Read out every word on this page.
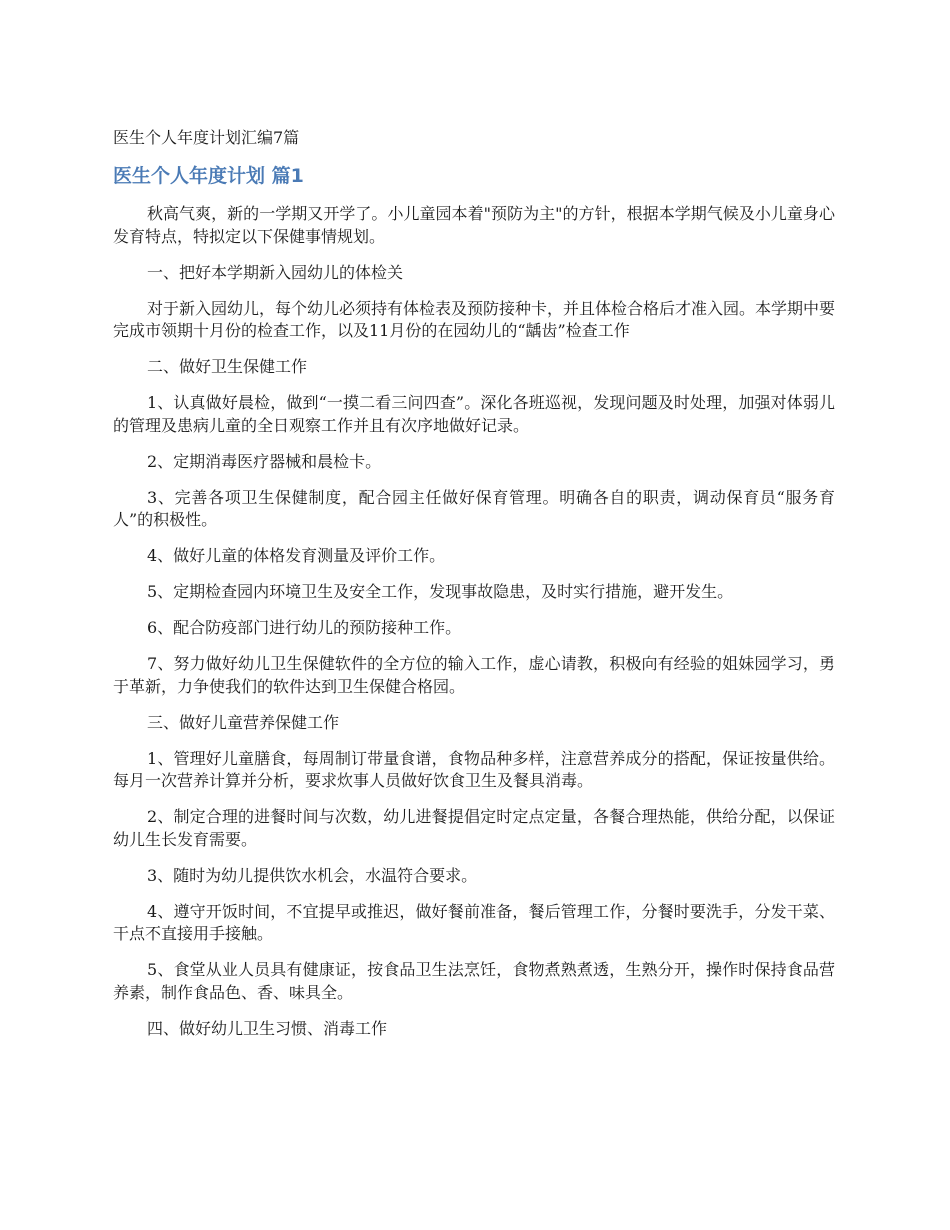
医生个人年度计划汇编7篇
医生个人年度计划 篇1

秋高气爽，新的一学期又开学了。小儿童园本着"预防为主"的方针，根据本学期气候及小儿童身心发育特点，特拟定以下保健事情规划。

一、把好本学期新入园幼儿的体检关

对于新入园幼儿，每个幼儿必须持有体检表及预防接种卡，并且体检合格后才准入园。本学期中要完成市领期十月份的检查工作，以及11月份的在园幼儿的“龋齿”检查工作

二、做好卫生保健工作

1、认真做好晨检，做到“一摸二看三问四查”。深化各班巡视，发现问题及时处理，加强对体弱儿的管理及患病儿童的全日观察工作并且有次序地做好记录。

2、定期消毒医疗器械和晨检卡。

3、完善各项卫生保健制度，配合园主任做好保育管理。明确各自的职责，调动保育员“服务育人”的积极性。

4、做好儿童的体格发育测量及评价工作。

5、定期检查园内环境卫生及安全工作，发现事故隐患，及时实行措施，避开发生。

6、配合防疫部门进行幼儿的预防接种工作。

7、努力做好幼儿卫生保健软件的全方位的输入工作，虚心请教，积极向有经验的姐妹园学习，勇于革新，力争使我们的软件达到卫生保健合格园。

三、做好儿童营养保健工作

1、管理好儿童膳食，每周制订带量食谱，食物品种多样，注意营养成分的搭配，保证按量供给。每月一次营养计算并分析，要求炊事人员做好饮食卫生及餐具消毒。

2、制定合理的进餐时间与次数，幼儿进餐提倡定时定点定量，各餐合理热能，供给分配，以保证幼儿生长发育需要。

3、随时为幼儿提供饮水机会，水温符合要求。

4、遵守开饭时间，不宜提早或推迟，做好餐前准备，餐后管理工作，分餐时要洗手，分发干菜、干点不直接用手接触。

5、食堂从业人员具有健康证，按食品卫生法烹饪，食物煮熟煮透，生熟分开，操作时保持食品营养素，制作食品色、香、味具全。

四、做好幼儿卫生习惯、消毒工作
